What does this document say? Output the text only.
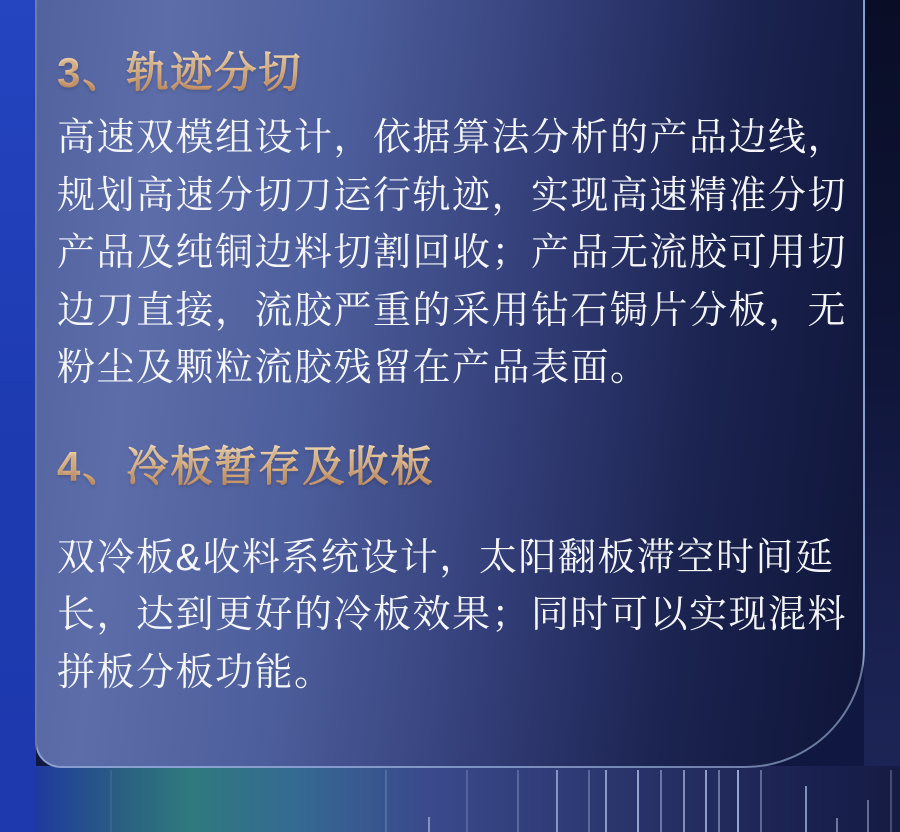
3、轨迹分切
高速双模组设计，依据算法分析的产品边线，
规划高速分切刀运行轨迹，实现高速精准分切
产品及纯铜边料切割回收；产品无流胶可用切
边刀直接，流胶严重的采用钻石锔片分板，无
粉尘及颗粒流胶残留在产品表面。
4、冷板暂存及收板
双冷板&收料系统设计，太阳翻板滞空时间延
长，达到更好的冷板效果；同时可以实现混料
拼板分板功能。
